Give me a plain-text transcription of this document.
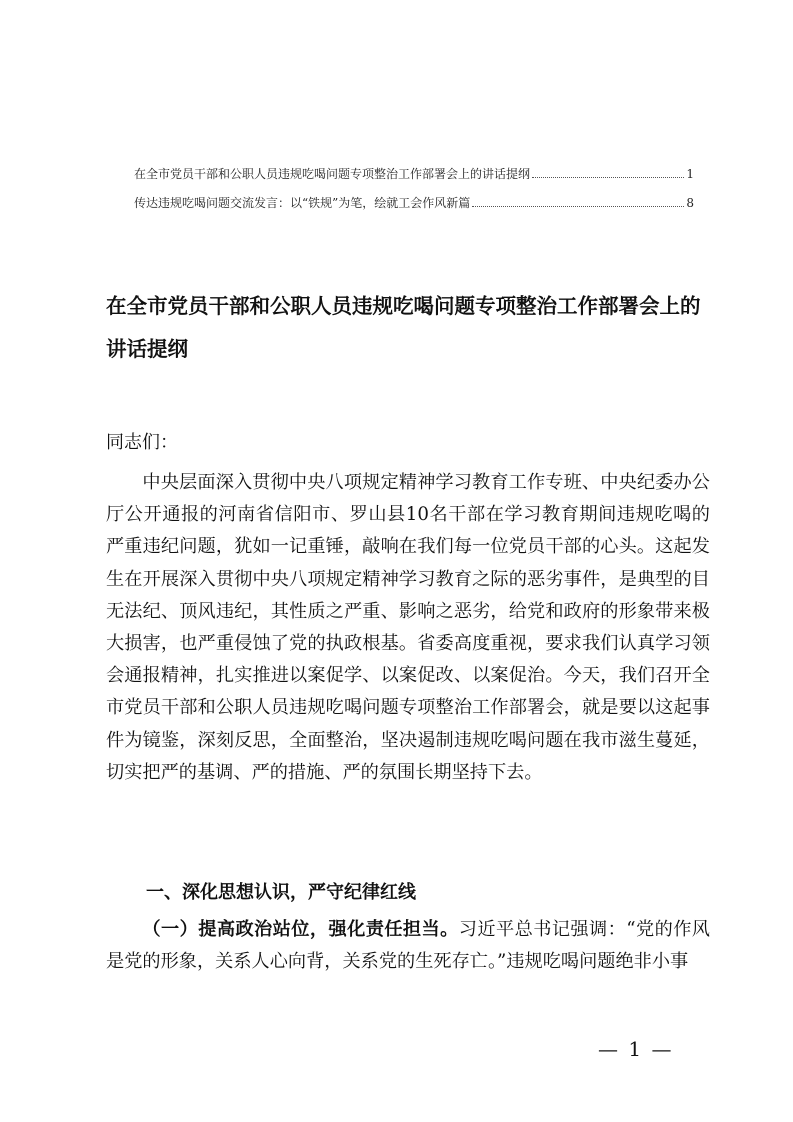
在全市党员干部和公职人员违规吃喝问题专项整治工作部署会上的讲话提纲	1
传达违规吃喝问题交流发言：以“铁规”为笔，绘就工会作风新篇	8
在全市党员干部和公职人员违规吃喝问题专项整治工作部署会上的讲话提纲
同志们：

中央层面深入贯彻中央八项规定精神学习教育工作专班、中央纪委办公厅公开通报的河南省信阳市、罗山县10名干部在学习教育期间违规吃喝的严重违纪问题，犹如一记重锤，敲响在我们每一位党员干部的心头。这起发生在开展深入贯彻中央八项规定精神学习教育之际的恶劣事件，是典型的目无法纪、顶风违纪，其性质之严重、影响之恶劣，给党和政府的形象带来极大损害，也严重侵蚀了党的执政根基。省委高度重视，要求我们认真学习领会通报精神，扎实推进以案促学、以案促改、以案促治。今天，我们召开全市党员干部和公职人员违规吃喝问题专项整治工作部署会，就是要以这起事件为镜鉴，深刻反思，全面整治，坚决遏制违规吃喝问题在我市滋生蔓延，切实把严的基调、严的措施、严的氛围长期坚持下去。

一、深化思想认识，严守纪律红线

（一）提高政治站位，强化责任担当。习近平总书记强调：“党的作风是党的形象，关系人心向背，关系党的生死存亡。”违规吃喝问题绝非小事

— 1 —
